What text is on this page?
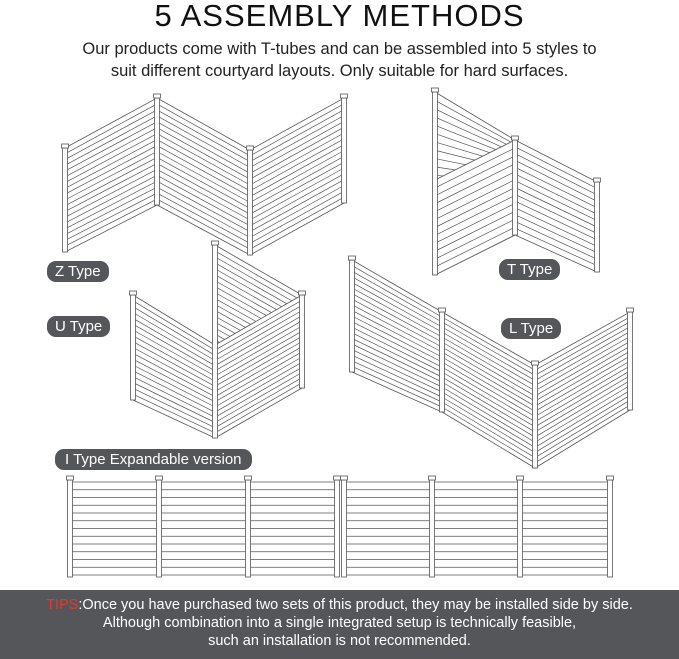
5 ASSEMBLY METHODS
Our products come with T-tubes and can be assembled into 5 styles to
suit different courtyard layouts. Only suitable for hard surfaces.
Z Type	T Type
U Type	L Type
I Type Expandable version
TIPS:Once you have purchased two sets of this product, they may be installed side by side.
Although combination into a single integrated setup is technically feasible,
such an installation is not recommended.
